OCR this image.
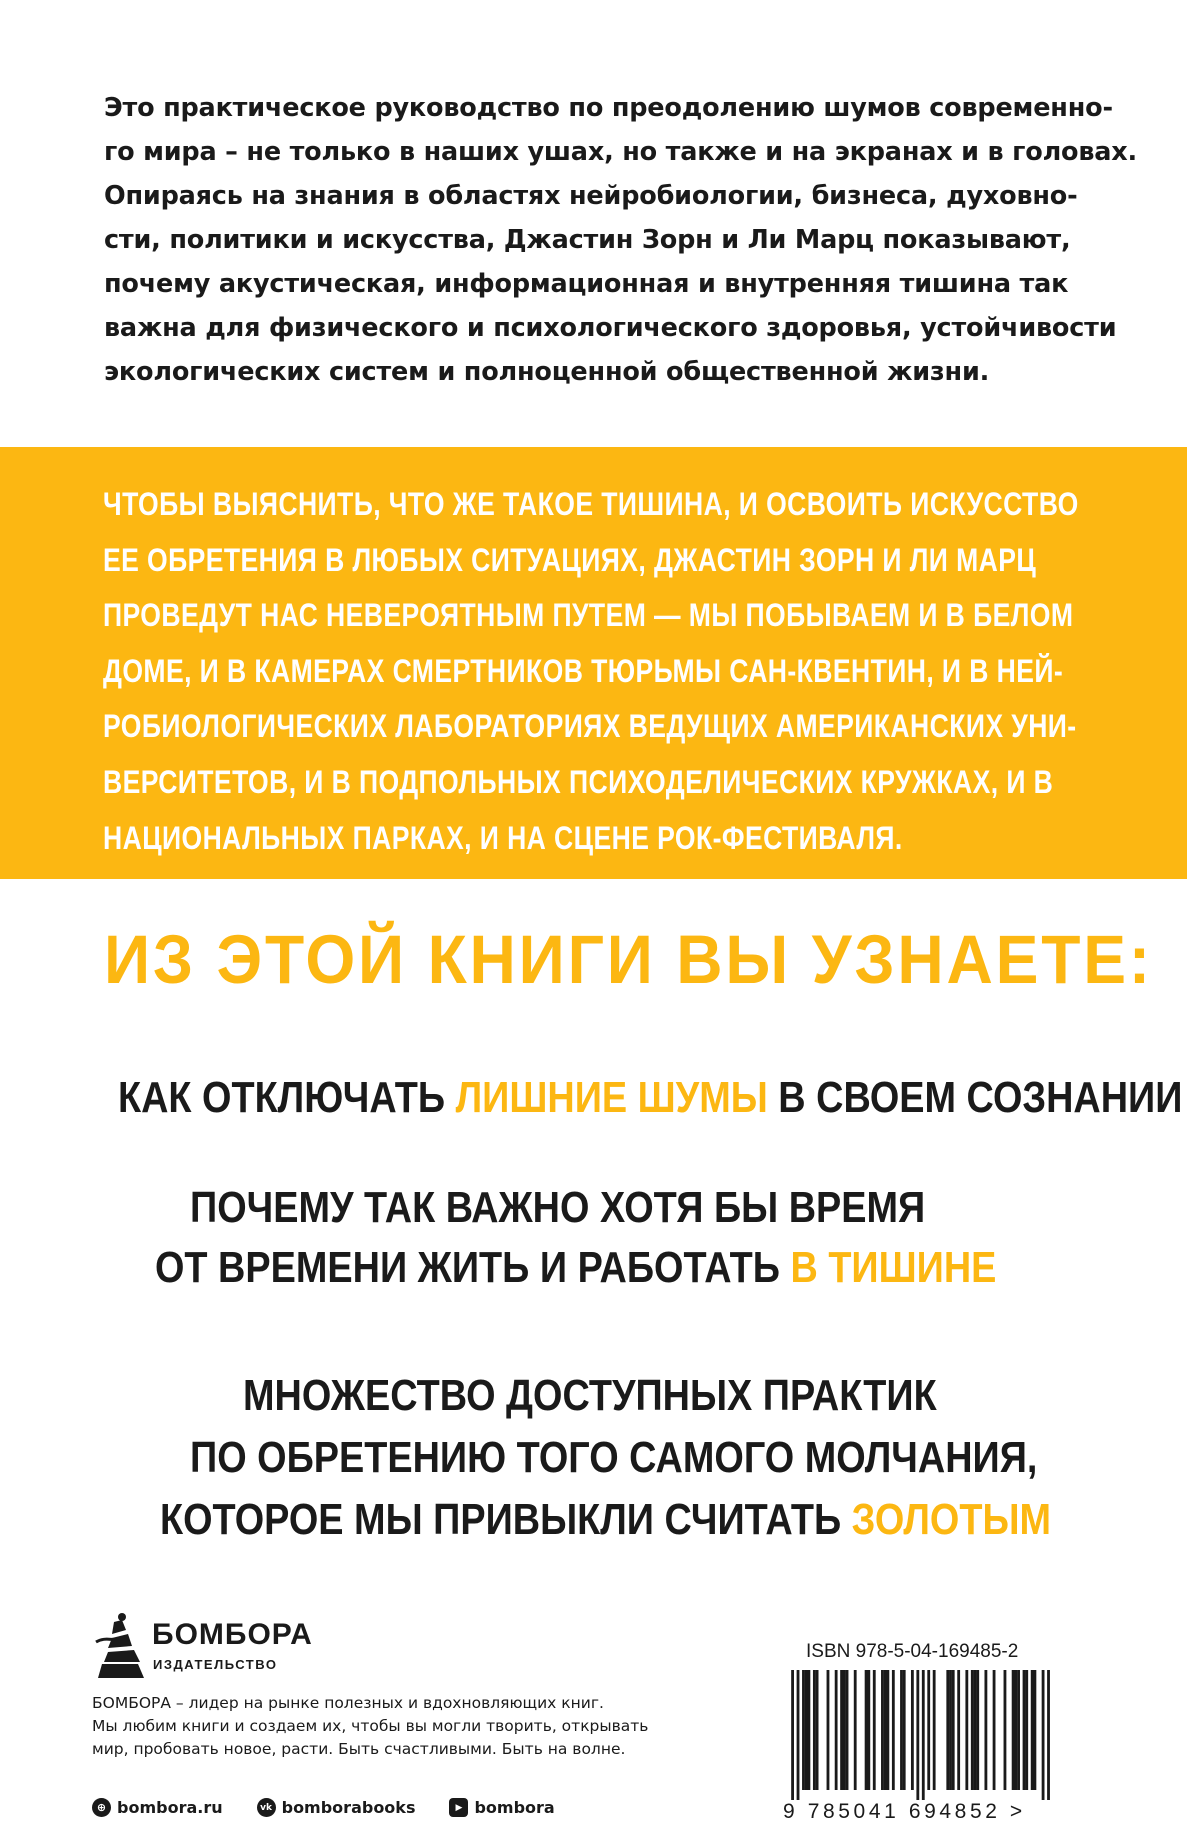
Это практическое руководство по преодолению шумов современно-
го мира – не только в наших ушах, но также и на экранах и в головах.
Опираясь на знания в областях нейробиологии, бизнеса, духовно-
сти, политики и искусства, Джастин Зорн и Ли Марц показывают,
почему акустическая, информационная и внутренняя тишина так
важна для физического и психологического здоровья, устойчивости
экологических систем и полноценной общественной жизни.
ЧТОБЫ ВЫЯСНИТЬ, ЧТО ЖЕ ТАКОЕ ТИШИНА, И ОСВОИТЬ ИСКУССТВО
ЕЕ ОБРЕТЕНИЯ В ЛЮБЫХ СИТУАЦИЯХ, ДЖАСТИН ЗОРН И ЛИ МАРЦ
ПРОВЕДУТ НАС НЕВЕРОЯТНЫМ ПУТЕМ — МЫ ПОБЫВАЕМ И В БЕЛОМ
ДОМЕ, И В КАМЕРАХ СМЕРТНИКОВ ТЮРЬМЫ САН-КВЕНТИН, И В НЕЙ-
РОБИОЛОГИЧЕСКИХ ЛАБОРАТОРИЯХ ВЕДУЩИХ АМЕРИКАНСКИХ УНИ-
ВЕРСИТЕТОВ, И В ПОДПОЛЬНЫХ ПСИХОДЕЛИЧЕСКИХ КРУЖКАХ, И В
НАЦИОНАЛЬНЫХ ПАРКАХ, И НА СЦЕНЕ РОК-ФЕСТИВАЛЯ.
ИЗ ЭТОЙ КНИГИ ВЫ УЗНАЕТЕ:
КАК ОТКЛЮЧАТЬ ЛИШНИЕ ШУМЫ В СВОЕМ СОЗНАНИИ
ПОЧЕМУ ТАК ВАЖНО ХОТЯ БЫ ВРЕМЯ
ОТ ВРЕМЕНИ ЖИТЬ И РАБОТАТЬ В ТИШИНЕ
МНОЖЕСТВО ДОСТУПНЫХ ПРАКТИК
ПО ОБРЕТЕНИЮ ТОГО САМОГО МОЛЧАНИЯ,
КОТОРОЕ МЫ ПРИВЫКЛИ СЧИТАТЬ ЗОЛОТЫМ
БОМБОРА
ИЗДАТЕЛЬСТВО
БОМБОРА – лидер на рынке полезных и вдохновляющих книг.
Мы любим книги и создаем их, чтобы вы могли творить, открывать
мир, пробовать новое, расти. Быть счастливыми. Быть на волне.
⊕ bombora.ru	vk bomborabooks	▶ bombora
ISBN 978-5-04-169485-2
9 785041 694852 >
